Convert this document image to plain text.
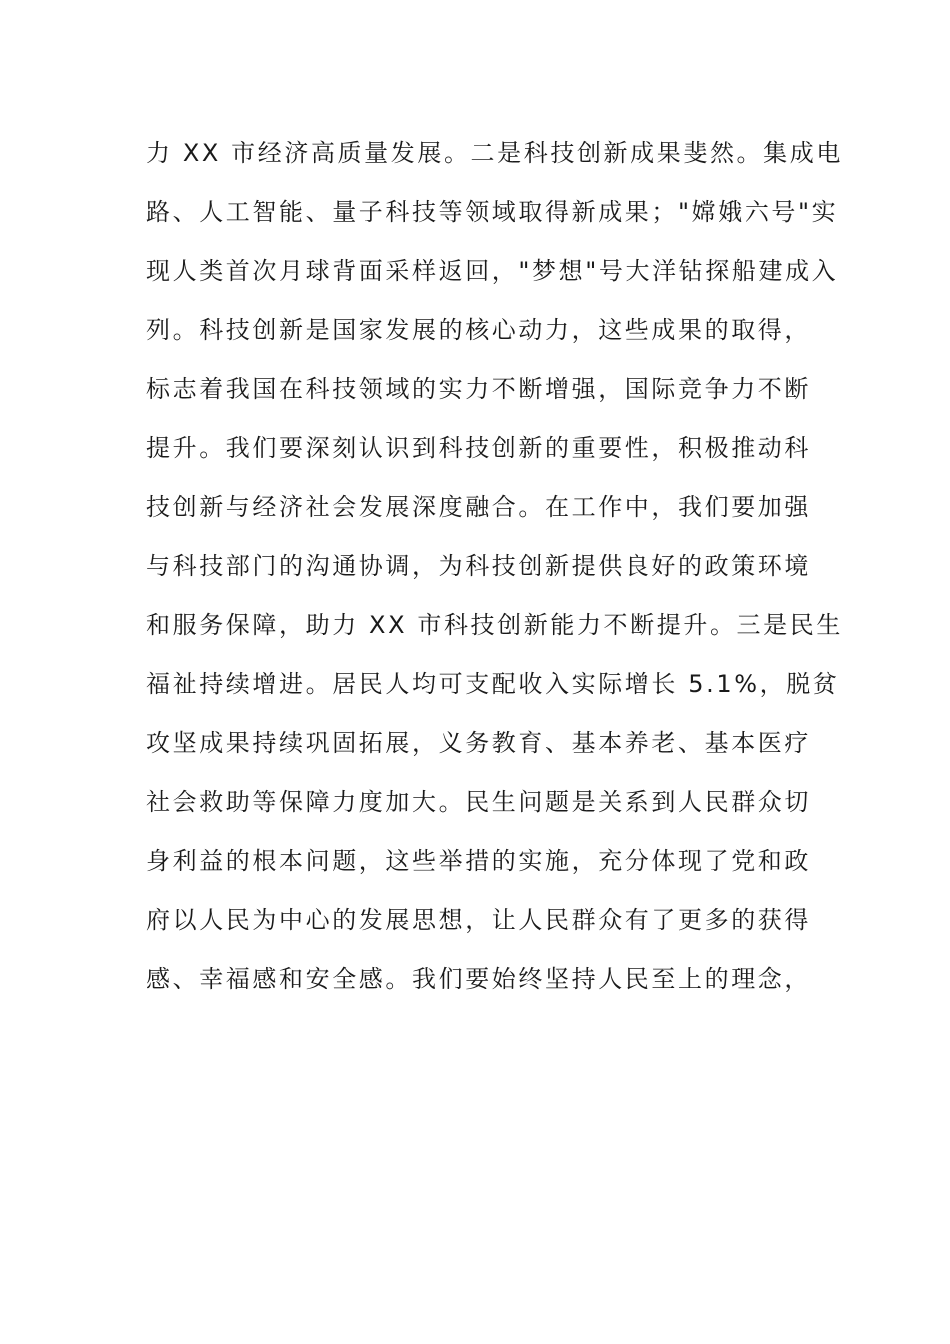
力 XX 市经济高质量发展。二是科技创新成果斐然。集成电
路、人工智能、量子科技等领域取得新成果；"嫦娥六号"实
现人类首次月球背面采样返回，"梦想"号大洋钻探船建成入
列。科技创新是国家发展的核心动力，这些成果的取得，
标志着我国在科技领域的实力不断增强，国际竞争力不断
提升。我们要深刻认识到科技创新的重要性，积极推动科
技创新与经济社会发展深度融合。在工作中，我们要加强
与科技部门的沟通协调，为科技创新提供良好的政策环境
和服务保障，助力 XX 市科技创新能力不断提升。三是民生
福祉持续增进。居民人均可支配收入实际增长 5.1%，脱贫
攻坚成果持续巩固拓展，义务教育、基本养老、基本医疗
社会救助等保障力度加大。民生问题是关系到人民群众切
身利益的根本问题，这些举措的实施，充分体现了党和政
府以人民为中心的发展思想，让人民群众有了更多的获得
感、幸福感和安全感。我们要始终坚持人民至上的理念，
